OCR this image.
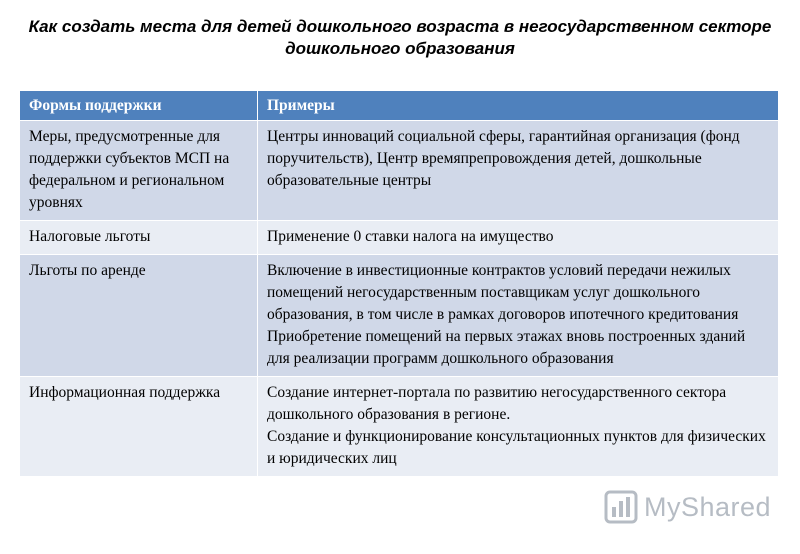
Как создать места для детей дошкольного возраста в негосударственном секторе
дошкольного образования
Формы поддержки	Примеры
Меры, предусмотренные для поддержки субъектов МСП на федеральном и региональном уровнях	Центры инноваций социальной сферы, гарантийная организация (фонд поручительств), Центр времяпрепровождения детей, дошкольные образовательные центры

Налоговые льготы	Применение 0 ставки налога на имущество

Льготы по аренде	Включение в инвестиционные контрактов условий передачи нежилых помещений негосударственным поставщикам услуг дошкольного образования, в том числе в рамках договоров ипотечного кредитования
Приобретение помещений на первых этажах вновь построенных зданий для реализации программ дошкольного образования

Информационная поддержка	Создание интернет-портала по развитию негосударственного сектора дошкольного образования в регионе.
Создание и функционирование консультационных пунктов для физических и юридических лиц
MyShared
